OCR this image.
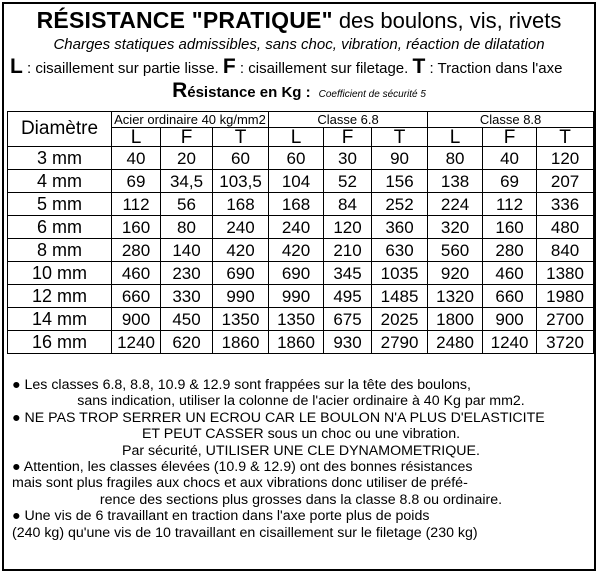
RÉSISTANCE "PRATIQUE" des boulons, vis, rivets
Charges statiques admissibles, sans choc, vibration, réaction de dilatation
L : cisaillement sur partie lisse. F : cisaillement sur filetage. T : Traction dans l'axe
Résistance en Kg : Coefficient de sécurité 5
Diamètre	Acier ordinaire 40 kg/mm2			Classe 6.8			Classe 8.8		
	L	F	T	L	F	T	L	F	T
3 mm	40	20	60	60	30	90	80	40	120
4 mm	69	34,5	103,5	104	52	156	138	69	207
5 mm	112	56	168	168	84	252	224	112	336
6 mm	160	80	240	240	120	360	320	160	480
8 mm	280	140	420	420	210	630	560	280	840
10 mm	460	230	690	690	345	1035	920	460	1380
12 mm	660	330	990	990	495	1485	1320	660	1980
14 mm	900	450	1350	1350	675	2025	1800	900	2700
16 mm	1240	620	1860	1860	930	2790	2480	1240	3720

● Les classes 6.8, 8.8, 10.9 & 12.9 sont frappées sur la tête des boulons,

sans indication, utiliser la colonne de l'acier ordinaire à 40 Kg par mm2.

● NE PAS TROP SERRER UN ECROU CAR LE BOULON N'A PLUS D'ELASTICITE

ET PEUT CASSER sous un choc ou une vibration.

Par sécurité, UTILISER UNE CLE DYNAMOMETRIQUE.

● Attention, les classes élevées (10.9 & 12.9) ont des bonnes résistances

mais sont plus fragiles aux chocs et aux vibrations donc utiliser de préfé-

rence des sections plus grosses dans la classe 8.8 ou ordinaire.

● Une vis de 6 travaillant en traction dans l'axe porte plus de poids

(240 kg) qu'une vis de 10 travaillant en cisaillement sur le filetage (230 kg)
